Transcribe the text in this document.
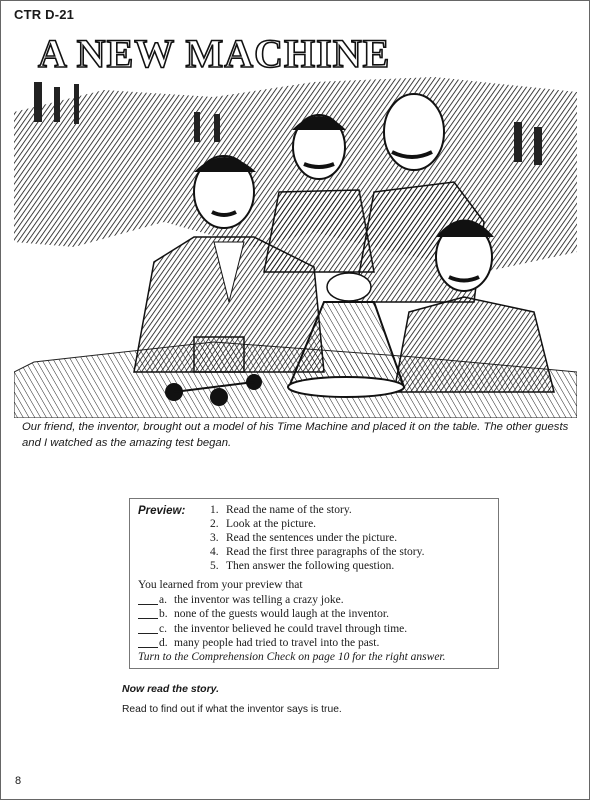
CTR D-21
A NEW MACHINE
Our friend, the inventor, brought out a model of his Time Machine and placed it on the table. The other guests and I watched as the amazing test began.
Preview: 1. Read the name of the story.
2. Look at the picture.
3. Read the sentences under the picture.
4. Read the first three paragraphs of the story.
5. Then answer the following question.
You learned from your preview that
a. the inventor was telling a crazy joke.
b. none of the guests would laugh at the inventor.
c. the inventor believed he could travel through time.
d. many people had tried to travel into the past.
Turn to the Comprehension Check on page 10 for the right answer.
Now read the story.
Read to find out if what the inventor says is true.
8
